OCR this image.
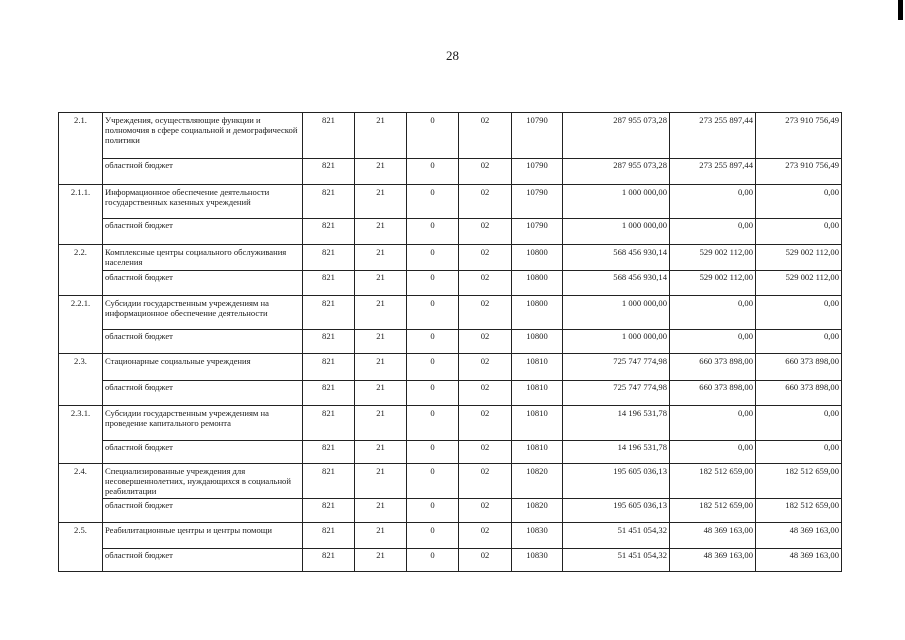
28
2.1.	Учреждения, осуществляющие функции и полномочия в сфере социальной и демографической политики	821	21	0	02	10790	287 955 073,28	273 255 897,44	273 910 756,49
	областной бюджет	821	21	0	02	10790	287 955 073,28	273 255 897,44	273 910 756,49
2.1.1.	Информационное обеспечение деятельности государственных казенных учреждений	821	21	0	02	10790	1 000 000,00	0,00	0,00
	областной бюджет	821	21	0	02	10790	1 000 000,00	0,00	0,00
2.2.	Комплексные центры социального обслуживания населения	821	21	0	02	10800	568 456 930,14	529 002 112,00	529 002 112,00
	областной бюджет	821	21	0	02	10800	568 456 930,14	529 002 112,00	529 002 112,00
2.2.1.	Субсидии государственным учреждениям на информационное обеспечение деятельности	821	21	0	02	10800	1 000 000,00	0,00	0,00
	областной бюджет	821	21	0	02	10800	1 000 000,00	0,00	0,00
2.3.	Стационарные социальные учреждения	821	21	0	02	10810	725 747 774,98	660 373 898,00	660 373 898,00
	областной бюджет	821	21	0	02	10810	725 747 774,98	660 373 898,00	660 373 898,00
2.3.1.	Субсидии государственным учреждениям на проведение капитального ремонта	821	21	0	02	10810	14 196 531,78	0,00	0,00
	областной бюджет	821	21	0	02	10810	14 196 531,78	0,00	0,00
2.4.	Специализированные учреждения для несовершеннолетних, нуждающихся в социальной реабилитации	821	21	0	02	10820	195 605 036,13	182 512 659,00	182 512 659,00
	областной бюджет	821	21	0	02	10820	195 605 036,13	182 512 659,00	182 512 659,00
2.5.	Реабилитационные центры и центры помощи	821	21	0	02	10830	51 451 054,32	48 369 163,00	48 369 163,00
	областной бюджет	821	21	0	02	10830	51 451 054,32	48 369 163,00	48 369 163,00
